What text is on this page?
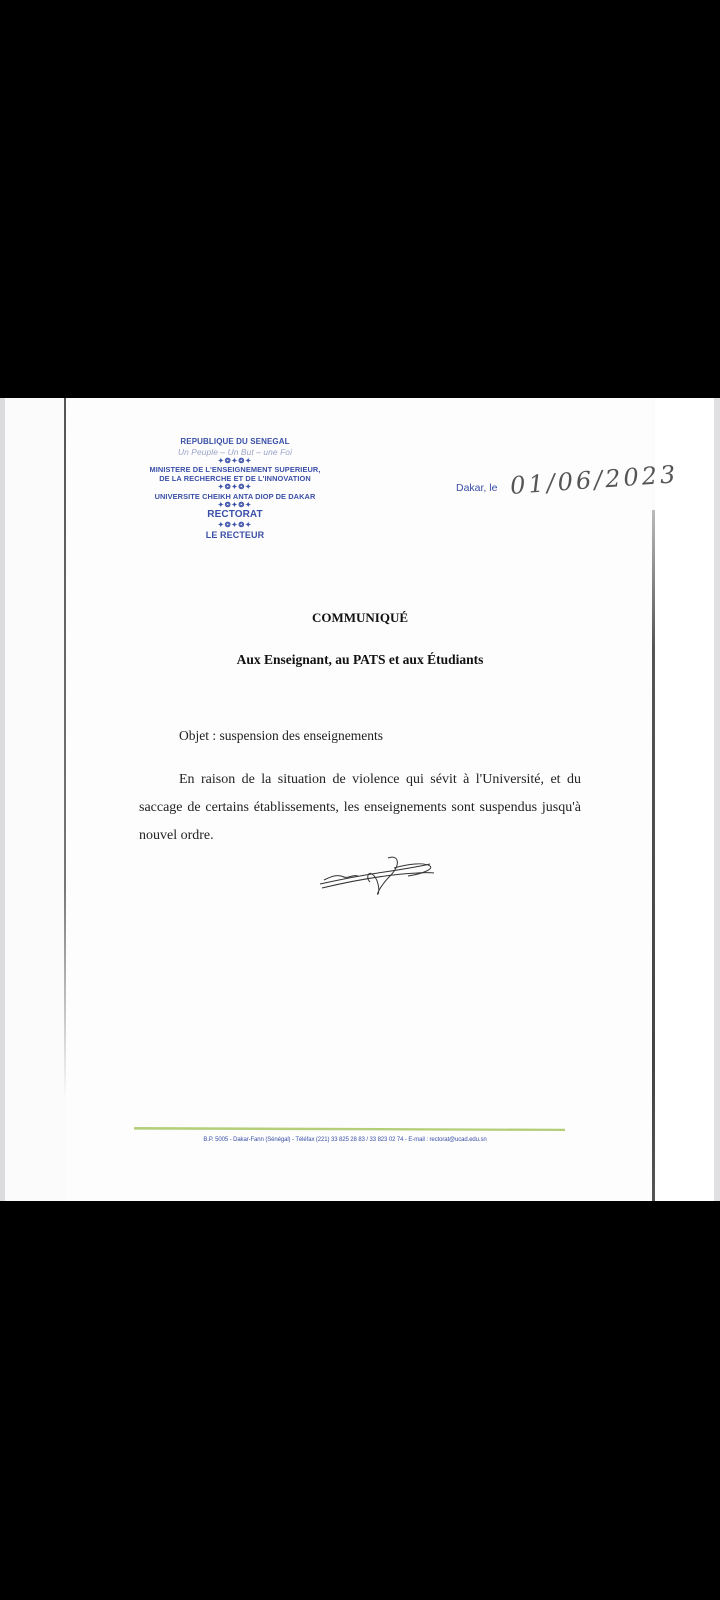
REPUBLIQUE DU SENEGAL
Un Peuple – Un But – une Foi
✦❂✦❂✦
MINISTERE DE L'ENSEIGNEMENT SUPERIEUR,
DE LA RECHERCHE ET DE L'INNOVATION
✦❂✦❂✦
UNIVERSITE CHEIKH ANTA DIOP DE DAKAR
✦❂✦❂✦
RECTORAT
✦❂✦❂✦
LE RECTEUR
Dakar, le 01/06/2023
COMMUNIQUÉ
Aux Enseignant, au PATS et aux Étudiants
Objet : suspension des enseignements
En raison de la situation de violence qui sévit à l'Université, et du saccage de certains établissements, les enseignements sont suspendus jusqu'à nouvel ordre.
B.P. 5005 - Dakar-Fann (Sénégal) - Téléfax (221) 33 825 28 83 / 33 823 02 74 - E-mail : rectorat@ucad.edu.sn
